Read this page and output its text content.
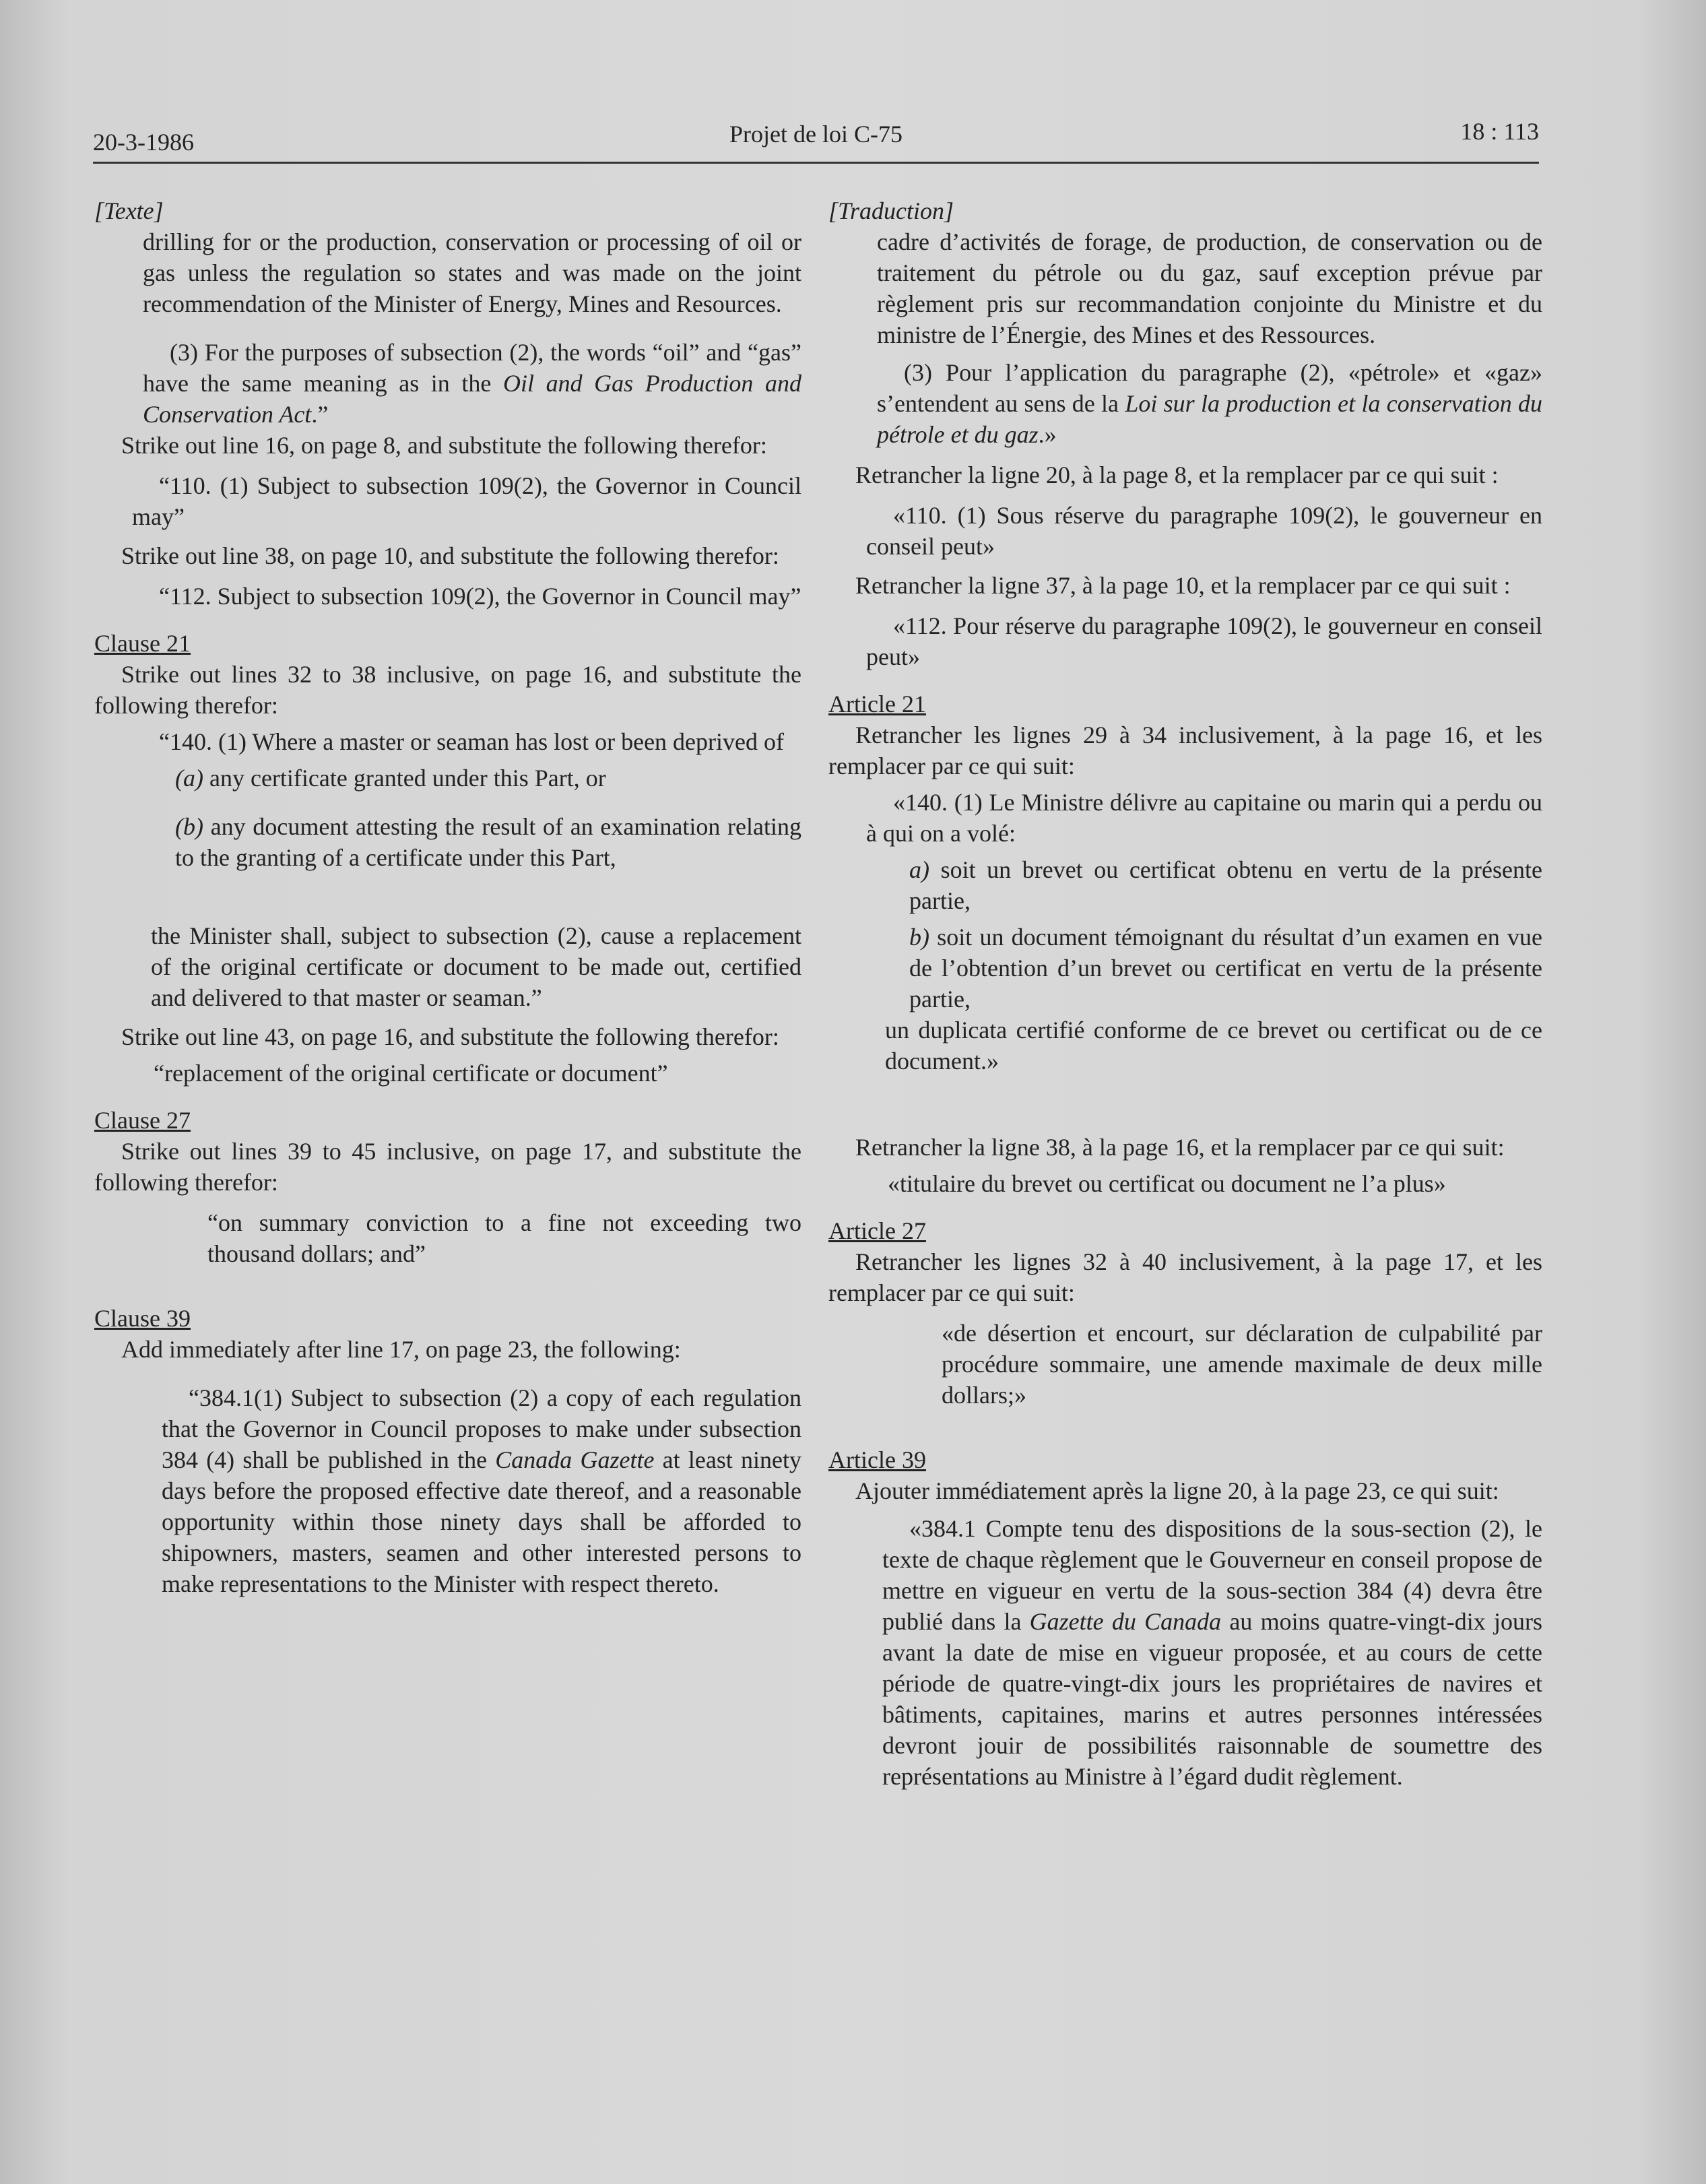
20-3-1986	Projet de loi C-75	18 : 113

[Texte]

drilling for or the production, conservation or processing of oil or gas unless the regulation so states and was made on the joint recommendation of the Minister of Energy, Mines and Resources.

(3) For the purposes of subsection (2), the words “oil” and “gas” have the same meaning as in the Oil and Gas Production and Conservation Act.”

Strike out line 16, on page 8, and substitute the following therefor:

“110. (1) Subject to subsection 109(2), the Governor in Council may”

Strike out line 38, on page 10, and substitute the following therefor:

“112. Subject to subsection 109(2), the Governor in Council may”

Clause 21

Strike out lines 32 to 38 inclusive, on page 16, and substitute the following therefor:

“140. (1) Where a master or seaman has lost or been deprived of

(a) any certificate granted under this Part, or

(b) any document attesting the result of an examination relating to the granting of a certificate under this Part,

the Minister shall, subject to subsection (2), cause a replacement of the original certificate or document to be made out, certified and delivered to that master or seaman.”

Strike out line 43, on page 16, and substitute the following therefor:

“replacement of the original certificate or document”

Clause 27

Strike out lines 39 to 45 inclusive, on page 17, and substitute the following therefor:

“on summary conviction to a fine not exceeding two thousand dollars; and”

Clause 39

Add immediately after line 17, on page 23, the following:

“384.1(1) Subject to subsection (2) a copy of each regulation that the Governor in Council proposes to make under subsection 384 (4) shall be published in the Canada Gazette at least ninety days before the proposed effective date thereof, and a reasonable opportunity within those ninety days shall be afforded to shipowners, masters, seamen and other interested persons to make representations to the Minister with respect thereto.

[Traduction]

cadre d’activités de forage, de production, de conservation ou de traitement du pétrole ou du gaz, sauf exception prévue par règlement pris sur recommandation conjointe du Ministre et du ministre de l’Énergie, des Mines et des Ressources.

(3) Pour l’application du paragraphe (2), «pétrole» et «gaz» s’entendent au sens de la Loi sur la production et la conservation du pétrole et du gaz.»

Retrancher la ligne 20, à la page 8, et la remplacer par ce qui suit :

«110. (1) Sous réserve du paragraphe 109(2), le gouverneur en conseil peut»

Retrancher la ligne 37, à la page 10, et la remplacer par ce qui suit :

«112. Pour réserve du paragraphe 109(2), le gouverneur en conseil peut»

Article 21

Retrancher les lignes 29 à 34 inclusivement, à la page 16, et les remplacer par ce qui suit:

«140. (1) Le Ministre délivre au capitaine ou marin qui a perdu ou à qui on a volé:

a) soit un brevet ou certificat obtenu en vertu de la présente partie,

b) soit un document témoignant du résultat d’un examen en vue de l’obtention d’un brevet ou certificat en vertu de la présente partie,

un duplicata certifié conforme de ce brevet ou certificat ou de ce document.»

Retrancher la ligne 38, à la page 16, et la remplacer par ce qui suit:

«titulaire du brevet ou certificat ou document ne l’a plus»

Article 27

Retrancher les lignes 32 à 40 inclusivement, à la page 17, et les remplacer par ce qui suit:

«de désertion et encourt, sur déclaration de culpabilité par procédure sommaire, une amende maximale de deux mille dollars;»

Article 39

Ajouter immédiatement après la ligne 20, à la page 23, ce qui suit:

«384.1 Compte tenu des dispositions de la sous-section (2), le texte de chaque règlement que le Gouverneur en conseil propose de mettre en vigueur en vertu de la sous-section 384 (4) devra être publié dans la Gazette du Canada au moins quatre-vingt-dix jours avant la date de mise en vigueur proposée, et au cours de cette période de quatre-vingt-dix jours les propriétaires de navires et bâtiments, capitaines, marins et autres personnes intéressées devront jouir de possibilités raisonnable de soumettre des représentations au Ministre à l’égard dudit règlement.
